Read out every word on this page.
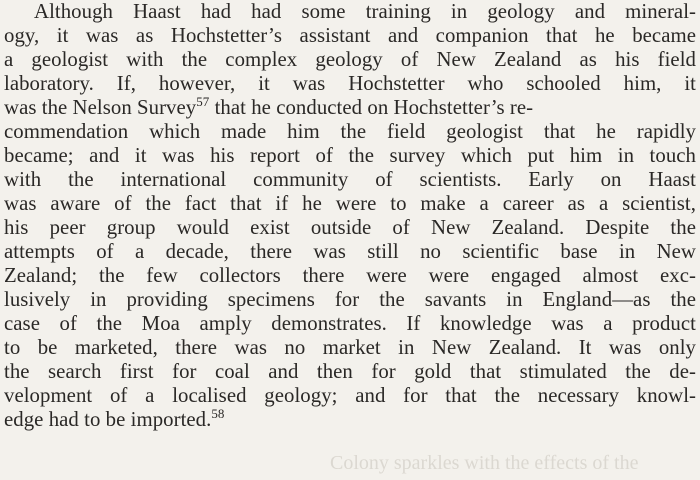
Colony sparkles with the effects of the
Although Haast had had some training in geology and mineral-
ogy, it was as Hochstetter’s assistant and companion that he became
a geologist with the complex geology of New Zealand as his field
laboratory. If, however, it was Hochstetter who schooled him, it
was the Nelson Survey$^{57}$ that he conducted on Hochstetter’s re-
commendation which made him the field geologist that he rapidly
became; and it was his report of the survey which put him in touch
with the international community of scientists. Early on Haast
was aware of the fact that if he were to make a career as a scientist,
his peer group would exist outside of New Zealand. Despite the
attempts of a decade, there was still no scientific base in New
Zealand; the few collectors there were were engaged almost exc-
lusively in providing specimens for the savants in England—as the
case of the Moa amply demonstrates. If knowledge was a product
to be marketed, there was no market in New Zealand. It was only
the search first for coal and then for gold that stimulated the de-
velopment of a localised geology; and for that the necessary knowl-
edge had to be imported.$^{58}$
